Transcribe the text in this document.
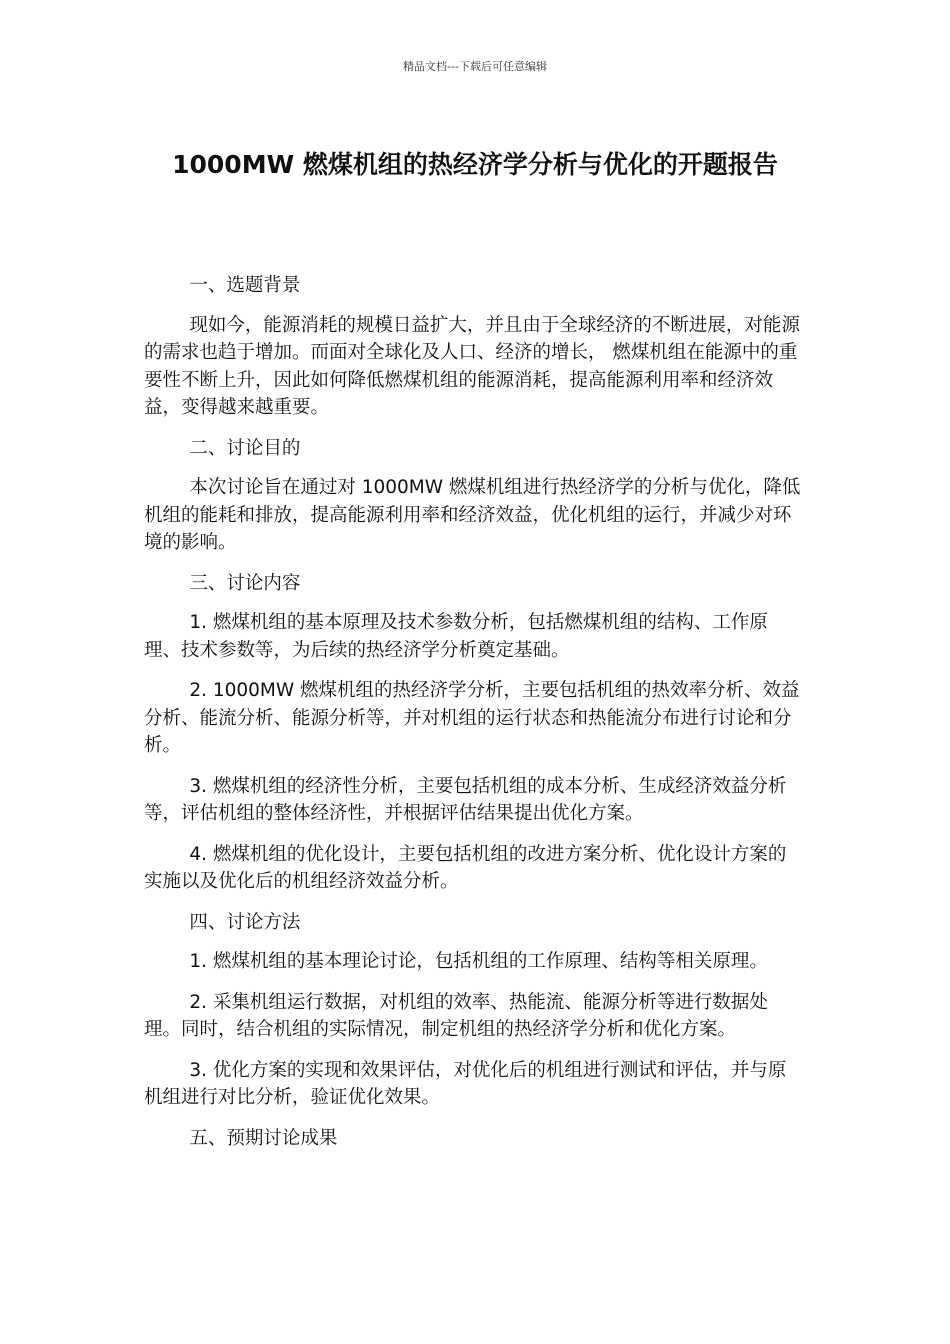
精品文档---下载后可任意编辑
1000MW 燃煤机组的热经济学分析与优化的开题报告

一、选题背景

现如今，能源消耗的规模日益扩大，并且由于全球经济的不断进展，对能源的需求也趋于增加。而面对全球化及人口、经济的增长， 燃煤机组在能源中的重要性不断上升，因此如何降低燃煤机组的能源消耗，提高能源利用率和经济效益，变得越来越重要。

二、讨论目的

本次讨论旨在通过对 1000MW 燃煤机组进行热经济学的分析与优化，降低机组的能耗和排放，提高能源利用率和经济效益，优化机组的运行，并减少对环境的影响。

三、讨论内容

1. 燃煤机组的基本原理及技术参数分析，包括燃煤机组的结构、工作原理、技术参数等，为后续的热经济学分析奠定基础。

2. 1000MW 燃煤机组的热经济学分析，主要包括机组的热效率分析、效益分析、能流分析、能源分析等，并对机组的运行状态和热能流分布进行讨论和分析。

3. 燃煤机组的经济性分析，主要包括机组的成本分析、生成经济效益分析等，评估机组的整体经济性，并根据评估结果提出优化方案。

4. 燃煤机组的优化设计，主要包括机组的改进方案分析、优化设计方案的实施以及优化后的机组经济效益分析。

四、讨论方法

1. 燃煤机组的基本理论讨论，包括机组的工作原理、结构等相关原理。

2. 采集机组运行数据，对机组的效率、热能流、能源分析等进行数据处理。同时，结合机组的实际情况，制定机组的热经济学分析和优化方案。

3. 优化方案的实现和效果评估，对优化后的机组进行测试和评估，并与原机组进行对比分析，验证优化效果。

五、预期讨论成果
